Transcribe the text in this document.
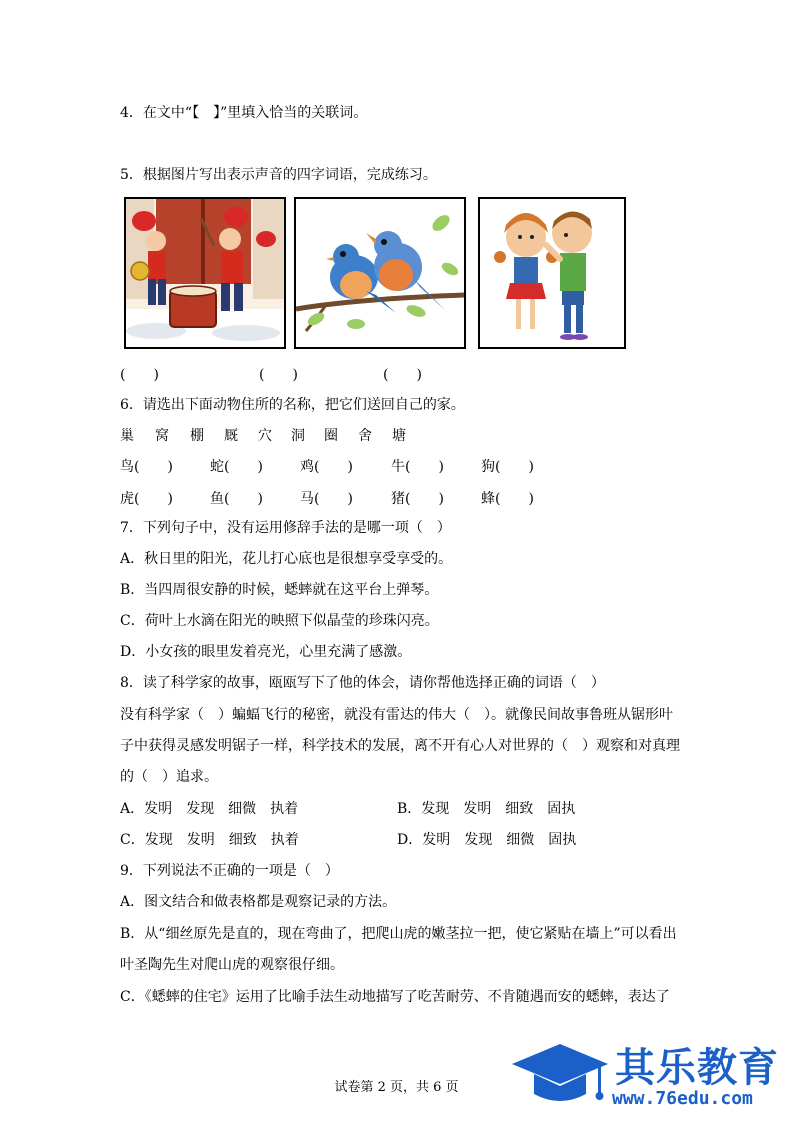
4．在文中“【　】”里填入恰当的关联词。
5．根据图片写出表示声音的四字词语，完成练习。
(　　)	(　　)	(　　)
6．请选出下面动物住所的名称，把它们送回自己的家。
巢 窝 棚 厩 穴 洞 圈 舍 塘
鸟(　　)	蛇(　　)	鸡(　　)	牛(　　)	狗(　　)
虎(　　)	鱼(　　)	马(　　)	猪(　　)	蜂(　　)
7．下列句子中，没有运用修辞手法的是哪一项（　）
A．秋日里的阳光，花儿打心底也是很想享受享受的。
B．当四周很安静的时候，蟋蟀就在这平台上弹琴。
C．荷叶上水滴在阳光的映照下似晶莹的珍珠闪亮。
D．小女孩的眼里发着亮光，心里充满了感激。
8．读了科学家的故事，瓯瓯写下了他的体会，请你帮他选择正确的词语（　）
没有科学家（　）蝙蝠飞行的秘密，就没有雷达的伟大（　）。就像民间故事鲁班从锯形叶
子中获得灵感发明锯子一样，科学技术的发展，离不开有心人对世界的（　）观察和对真理
的（　）追求。
A．发明　发现　细微　执着	B．发现　发明　细致　固执
C．发现　发明　细致　执着	D．发明　发现　细微　固执
9．下列说法不正确的一项是（　）
A．图文结合和做表格都是观察记录的方法。
B．从“细丝原先是直的，现在弯曲了，把爬山虎的嫩茎拉一把，使它紧贴在墙上”可以看出
叶圣陶先生对爬山虎的观察很仔细。
C．《蟋蟀的住宅》运用了比喻手法生动地描写了吃苦耐劳、不肯随遇而安的蟋蟀，表达了
试卷第 2 页，共 6 页	其乐教育
www.76edu.com
